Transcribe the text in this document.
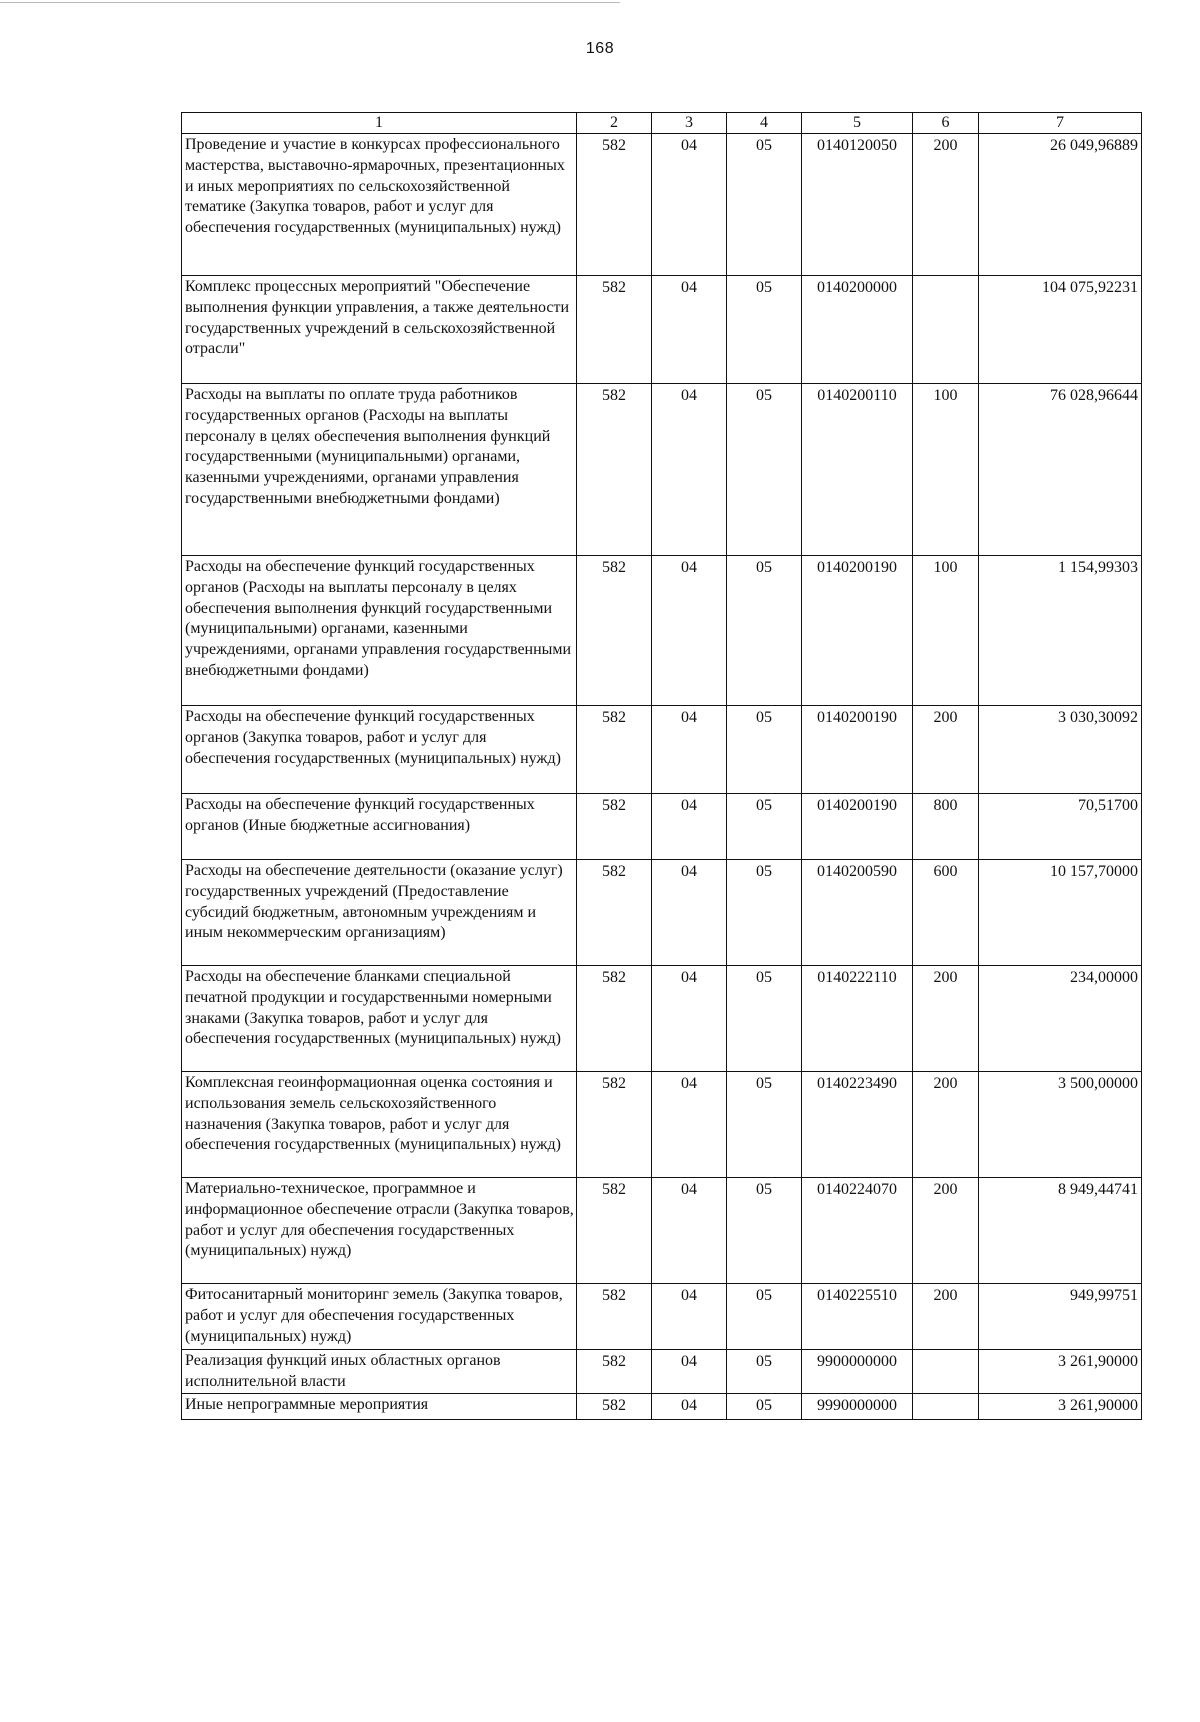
168
1	2	3	4	5	6	7
Проведение и участие в конкурсах профессионального мастерства, выставочно-ярмарочных, презентационных и иных мероприятиях по сельскохозяйственной тематике (Закупка товаров, работ и услуг для обеспечения государственных (муниципальных) нужд)	582	04	05	0140120050	200	26 049,96889
Комплекс процессных мероприятий "Обеспечение выполнения функции управления, а также деятельности государственных учреждений в сельскохозяйственной отрасли"	582	04	05	0140200000		104 075,92231
Расходы на выплаты по оплате труда работников государственных органов (Расходы на выплаты персоналу в целях обеспечения выполнения функций государственными (муниципальными) органами, казенными учреждениями, органами управления государственными внебюджетными фондами)	582	04	05	0140200110	100	76 028,96644
Расходы на обеспечение функций государственных органов (Расходы на выплаты персоналу в целях обеспечения выполнения функций государственными (муниципальными) органами, казенными учреждениями, органами управления государственными внебюджетными фондами)	582	04	05	0140200190	100	1 154,99303
Расходы на обеспечение функций государственных органов (Закупка товаров, работ и услуг для обеспечения государственных (муниципальных) нужд)	582	04	05	0140200190	200	3 030,30092
Расходы на обеспечение функций государственных органов (Иные бюджетные ассигнования)	582	04	05	0140200190	800	70,51700
Расходы на обеспечение деятельности (оказание услуг) государственных учреждений (Предоставление субсидий бюджетным, автономным учреждениям и иным некоммерческим организациям)	582	04	05	0140200590	600	10 157,70000
Расходы на обеспечение бланками специальной печатной продукции и государственными номерными знаками (Закупка товаров, работ и услуг для обеспечения государственных (муниципальных) нужд)	582	04	05	0140222110	200	234,00000
Комплексная геоинформационная оценка состояния и использования земель сельскохозяйственного назначения (Закупка товаров, работ и услуг для обеспечения государственных (муниципальных) нужд)	582	04	05	0140223490	200	3 500,00000
Материально-техническое, программное и информационное обеспечение отрасли (Закупка товаров, работ и услуг для обеспечения государственных (муниципальных) нужд)	582	04	05	0140224070	200	8 949,44741
Фитосанитарный мониторинг земель (Закупка товаров, работ и услуг для обеспечения государственных (муниципальных) нужд)	582	04	05	0140225510	200	949,99751
Реализация функций иных областных органов исполнительной власти	582	04	05	9900000000		3 261,90000
Иные непрограммные мероприятия	582	04	05	9990000000		3 261,90000
